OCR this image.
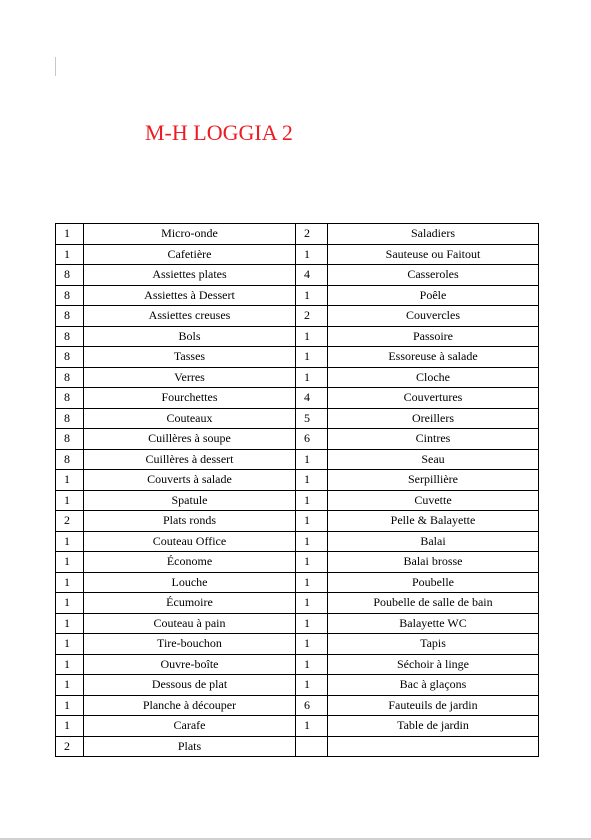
M-H LOGGIA 2
1	Micro-onde	2	Saladiers
1	Cafetière	1	Sauteuse ou Faitout
8	Assiettes plates	4	Casseroles
8	Assiettes à Dessert	1	Poêle
8	Assiettes creuses	2	Couvercles
8	Bols	1	Passoire
8	Tasses	1	Essoreuse à salade
8	Verres	1	Cloche
8	Fourchettes	4	Couvertures
8	Couteaux	5	Oreillers
8	Cuillères à soupe	6	Cintres
8	Cuillères à dessert	1	Seau
1	Couverts à salade	1	Serpillière
1	Spatule	1	Cuvette
2	Plats ronds	1	Pelle & Balayette
1	Couteau Office	1	Balai
1	Économe	1	Balai brosse
1	Louche	1	Poubelle
1	Écumoire	1	Poubelle de salle de bain
1	Couteau à pain	1	Balayette WC
1	Tire-bouchon	1	Tapis
1	Ouvre-boîte	1	Séchoir à linge
1	Dessous de plat	1	Bac à glaçons
1	Planche à découper	6	Fauteuils de jardin
1	Carafe	1	Table de jardin
2	Plats		
